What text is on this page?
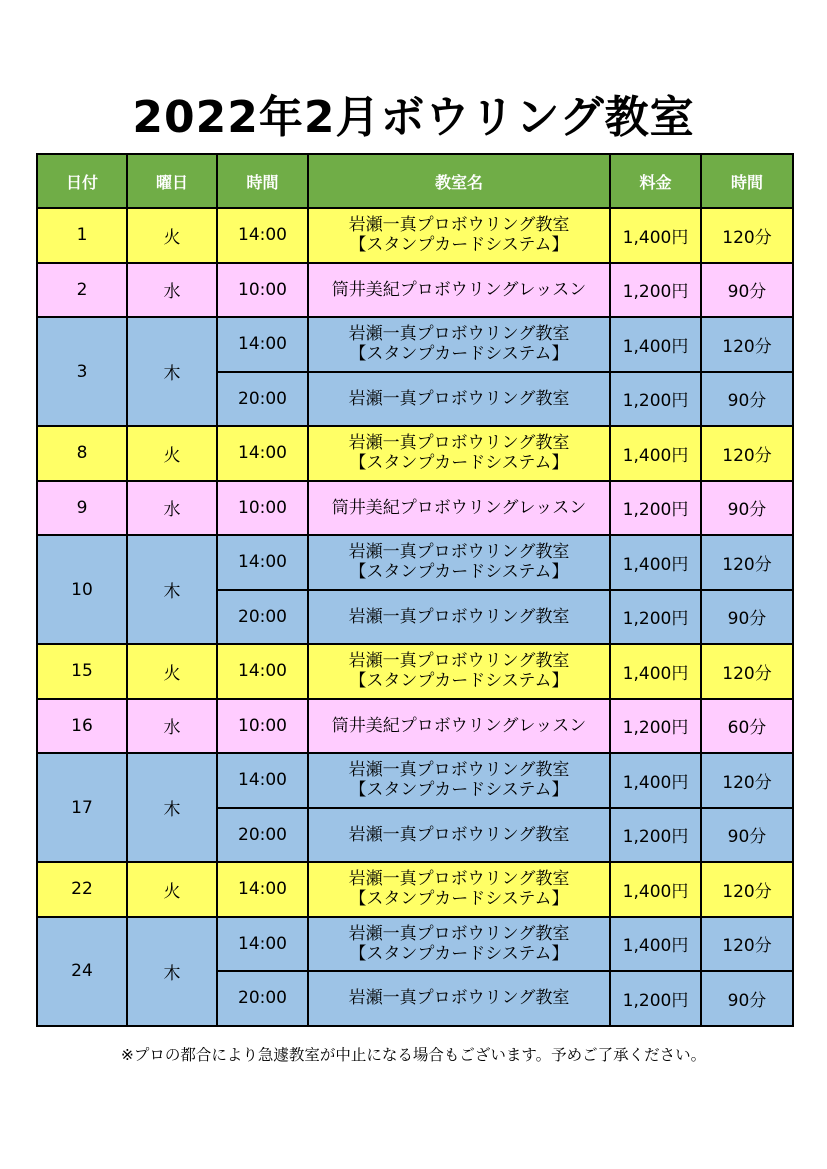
2022年2月ボウリング教室
日付	曜日	時間	教室名	料金	時間
1	火	14:00	岩瀬一真プロボウリング教室
【スタンプカードシステム】	1,400円	120分
2	水	10:00	筒井美紀プロボウリングレッスン	1,200円	90分
3	木	14:00	岩瀬一真プロボウリング教室
【スタンプカードシステム】	1,400円	120分
		20:00	岩瀬一真プロボウリング教室	1,200円	90分
8	火	14:00	岩瀬一真プロボウリング教室
【スタンプカードシステム】	1,400円	120分
9	水	10:00	筒井美紀プロボウリングレッスン	1,200円	90分
10	木	14:00	岩瀬一真プロボウリング教室
【スタンプカードシステム】	1,400円	120分
		20:00	岩瀬一真プロボウリング教室	1,200円	90分
15	火	14:00	岩瀬一真プロボウリング教室
【スタンプカードシステム】	1,400円	120分
16	水	10:00	筒井美紀プロボウリングレッスン	1,200円	60分
17	木	14:00	岩瀬一真プロボウリング教室
【スタンプカードシステム】	1,400円	120分
		20:00	岩瀬一真プロボウリング教室	1,200円	90分
22	火	14:00	岩瀬一真プロボウリング教室
【スタンプカードシステム】	1,400円	120分
24	木	14:00	岩瀬一真プロボウリング教室
【スタンプカードシステム】	1,400円	120分
		20:00	岩瀬一真プロボウリング教室	1,200円	90分
※プロの都合により急遽教室が中止になる場合もございます。予めご了承ください。
